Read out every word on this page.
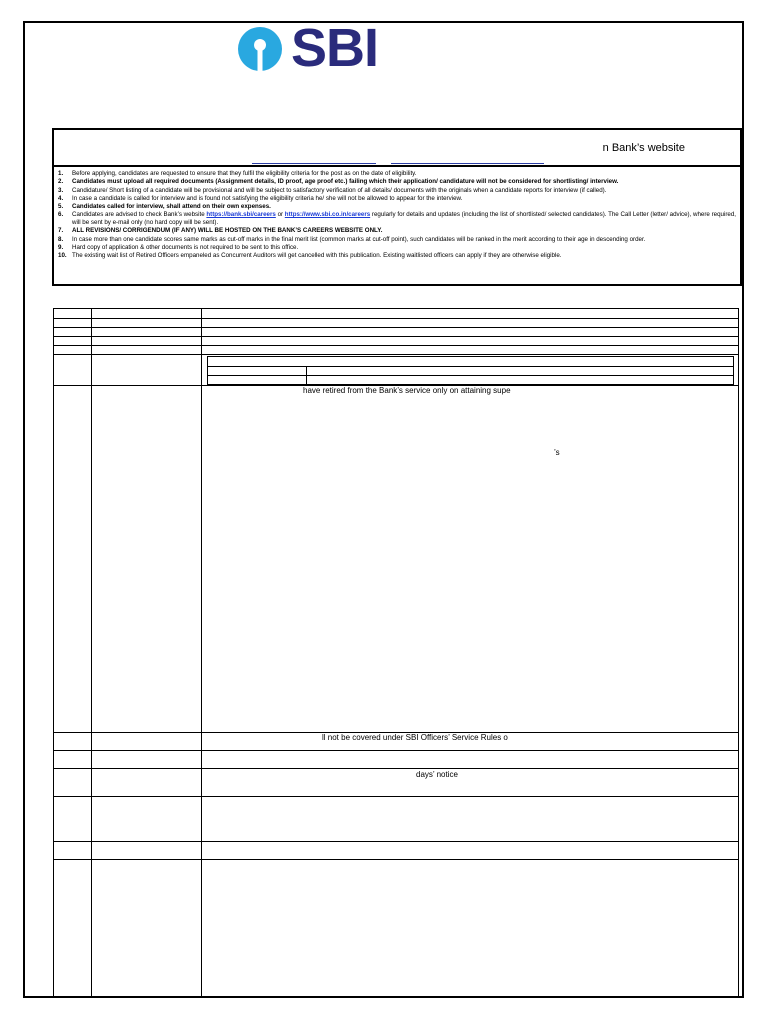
SBI
n Bank’s website
1. Before applying, candidates are requested to ensure that they fulfil the eligibility criteria for the post as on the date of eligibility.
2. Candidates must upload all required documents (Assignment details, ID proof, age proof etc.) failing which their application/ candidature will not be considered for shortlisting/ interview.
3. Candidature/ Short listing of a candidate will be provisional and will be subject to satisfactory verification of all details/ documents with the originals when a candidate reports for interview (if called).
4. In case a candidate is called for interview and is found not satisfying the eligibility criteria he/ she will not be allowed to appear for the interview.
5. Candidates called for interview, shall attend on their own expenses.
6. Candidates are advised to check Bank’s website https://bank.sbi/careers or https://www.sbi.co.in/careers regularly for details and updates (including the list of shortlisted/ selected candidates). The Call Letter (letter/ advice), where required, will be sent by e-mail only (no hard copy will be sent).
7. ALL REVISIONS/ CORRIGENDUM (IF ANY) WILL BE HOSTED ON THE BANK’S CAREERS WEBSITE ONLY.
8. In case more than one candidate scores same marks as cut-off marks in the final merit list (common marks at cut-off point), such candidates will be ranked in the merit according to their age in descending order.
9. Hard copy of application & other documents is not required to be sent to this office.
10. The existing wait list of Retired Officers empaneled as Concurrent Auditors will get cancelled with this publication. Existing waitlisted officers can apply if they are otherwise eligible.
have retired from the Bank’s service only on attaining supe
’s
ll not be covered under SBI Officers’ Service Rules o
days’ notice
